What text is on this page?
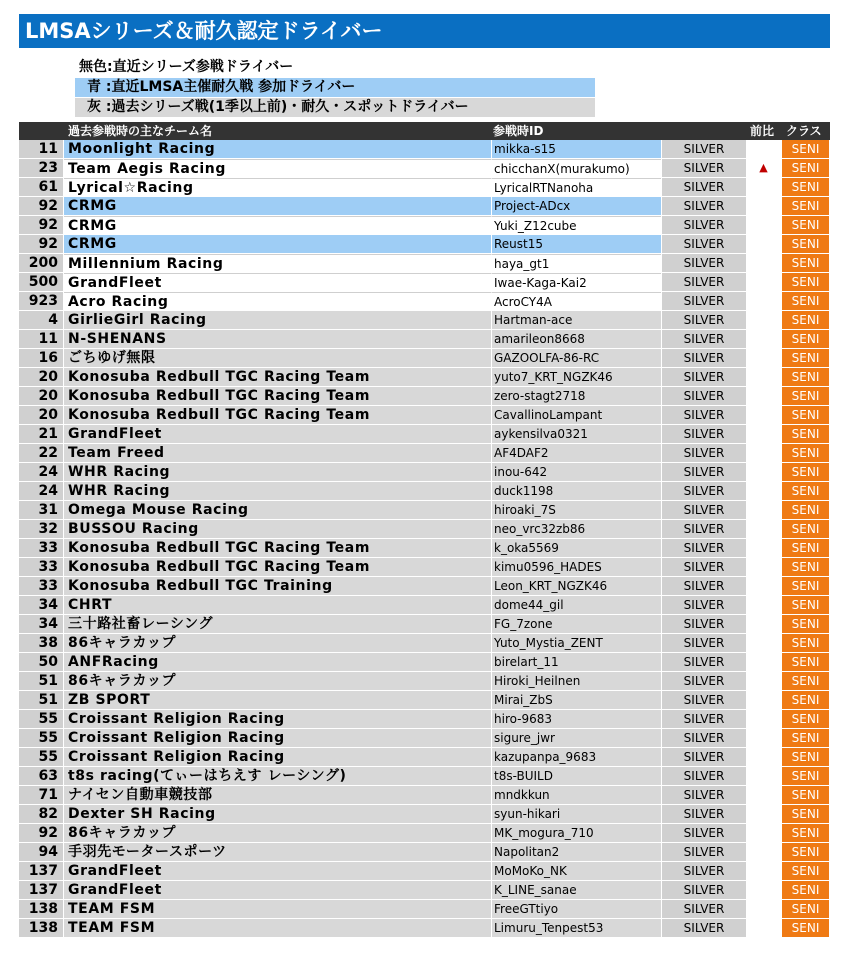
LMSAシリーズ＆耐久認定ドライバー
無色:直近シリーズ参戦ドライバー
青 :直近LMSA主催耐久戦 参加ドライバー
灰 :過去シリーズ戦(1季以上前)・耐久・スポットドライバー
過去参戦時の主なチーム名	参戦時ID	前比 クラス
11 Moonlight Racing	mikka-s15	SILVER	SENI
23 Team Aegis Racing	chicchanX(murakumo)	SILVER	▲	SENI
61 Lyrical☆Racing	LyricalRTNanoha	SILVER	SENI
92 CRMG	Project-ADcx	SILVER	SENI
92 CRMG	Yuki_Z12cube	SILVER	SENI
92 CRMG	Reust15	SILVER	SENI
200 Millennium Racing	haya_gt1	SILVER	SENI
500 GrandFleet	Iwae-Kaga-Kai2	SILVER	SENI
923 Acro Racing	AcroCY4A	SILVER	SENI
4 GirlieGirl Racing	Hartman-ace	SILVER	SENI
11 N-SHENANS	amarileon8668	SILVER	SENI
16 ごちゆげ無限	GAZOOLFA-86-RC	SILVER	SENI
20 Konosuba Redbull TGC Racing Team	yuto7_KRT_NGZK46	SILVER	SENI
20 Konosuba Redbull TGC Racing Team	zero-stagt2718	SILVER	SENI
20 Konosuba Redbull TGC Racing Team	CavallinoLampant	SILVER	SENI
21 GrandFleet	aykensilva0321	SILVER	SENI
22 Team Freed	AF4DAF2	SILVER	SENI
24 WHR Racing	inou-642	SILVER	SENI
24 WHR Racing	duck1198	SILVER	SENI
31 Omega Mouse Racing	hiroaki_7S	SILVER	SENI
32 BUSSOU Racing	neo_vrc32zb86	SILVER	SENI
33 Konosuba Redbull TGC Racing Team	k_oka5569	SILVER	SENI
33 Konosuba Redbull TGC Racing Team	kimu0596_HADES	SILVER	SENI
33 Konosuba Redbull TGC Training	Leon_KRT_NGZK46	SILVER	SENI
34 CHRT	dome44_gil	SILVER	SENI
34 三十路社畜レーシング	FG_7zone	SILVER	SENI
38 86キャラカップ	Yuto_Mystia_ZENT	SILVER	SENI
50 ANFRacing	birelart_11	SILVER	SENI
51 86キャラカップ	Hiroki_Heilnen	SILVER	SENI
51 ZB SPORT	Mirai_ZbS	SILVER	SENI
55 Croissant Religion Racing	hiro-9683	SILVER	SENI
55 Croissant Religion Racing	sigure_jwr	SILVER	SENI
55 Croissant Religion Racing	kazupanpa_9683	SILVER	SENI
63 t8s racing(てぃーはちえす レーシング)	t8s-BUILD	SILVER	SENI
71 ナイセン自動車競技部	mndkkun	SILVER	SENI
82 Dexter SH Racing	syun-hikari	SILVER	SENI
92 86キャラカップ	MK_mogura_710	SILVER	SENI
94 手羽先モータースポーツ	Napolitan2	SILVER	SENI
137 GrandFleet	MoMoKo_NK	SILVER	SENI
137 GrandFleet	K_LINE_sanae	SILVER	SENI
138 TEAM FSM	FreeGTtiyo	SILVER	SENI
138 TEAM FSM	Limuru_Tenpest53	SILVER	SENI
